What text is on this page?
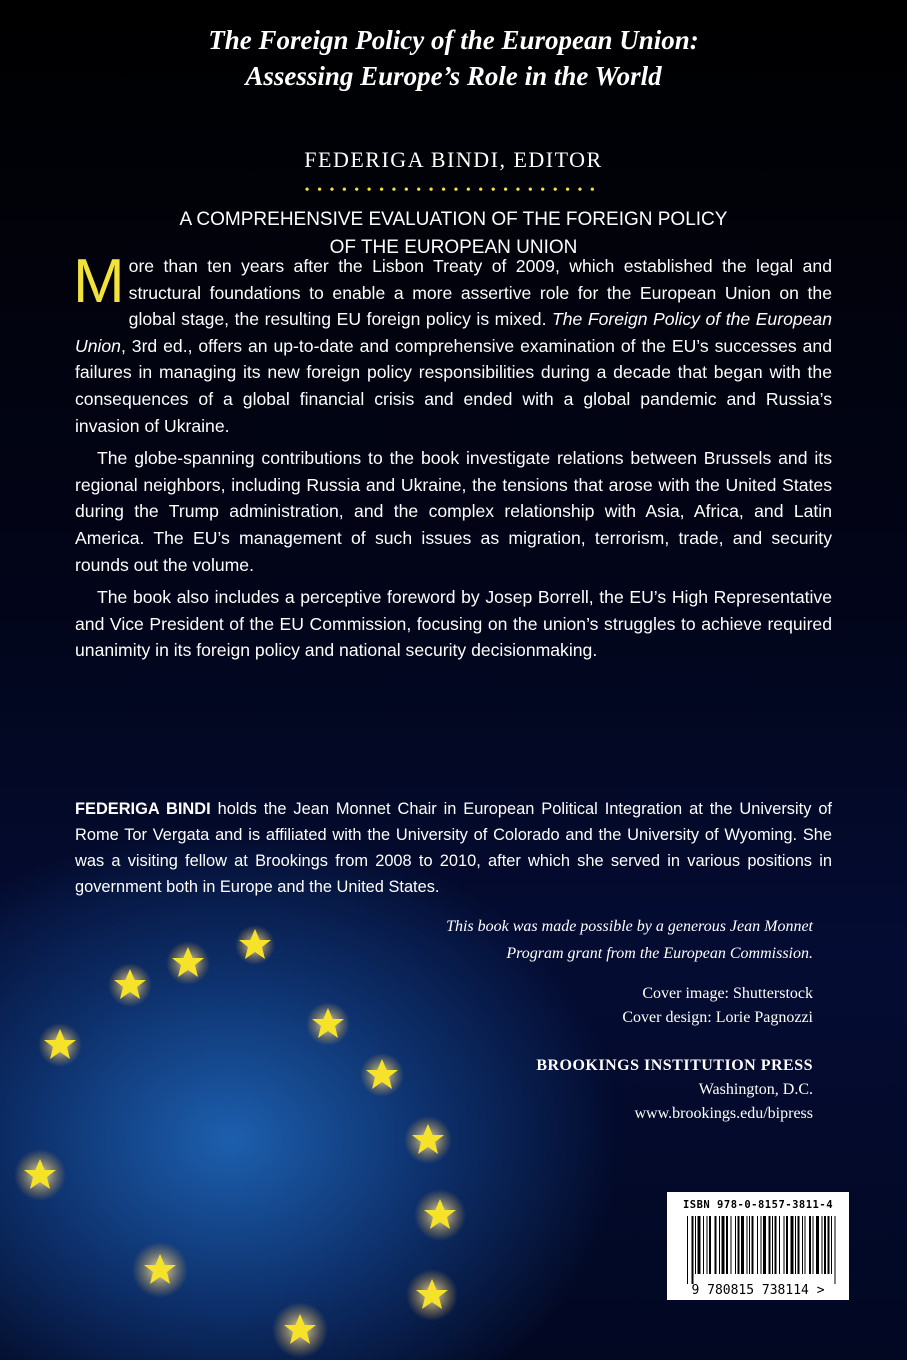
The Foreign Policy of the European Union:
Assessing Europe’s Role in the World
FEDERIGA BINDI, EDITOR
••••••••••••••••••••••••
A COMPREHENSIVE EVALUATION OF THE FOREIGN POLICY
OF THE EUROPEAN UNION

More than ten years after the Lisbon Treaty of 2009, which established the legal and structural foundations to enable a more assertive role for the European Union on the global stage, the resulting EU foreign policy is mixed. The Foreign Policy of the European Union, 3rd ed., offers an up-to-date and comprehensive examination of the EU’s successes and failures in managing its new foreign policy responsibilities during a decade that began with the consequences of a global financial crisis and ended with a global pandemic and Russia’s invasion of Ukraine.

The globe-spanning contributions to the book investigate relations between Brussels and its regional neighbors, including Russia and Ukraine, the tensions that arose with the United States during the Trump administration, and the complex relationship with Asia, Africa, and Latin America. The EU’s management of such issues as migration, terrorism, trade, and security rounds out the volume.

The book also includes a perceptive foreword by Josep Borrell, the EU’s High Representative and Vice President of the EU Commission, focusing on the union’s struggles to achieve required unanimity in its foreign policy and national security decisionmaking.

FEDERIGA BINDI holds the Jean Monnet Chair in European Political Integration at the University of Rome Tor Vergata and is affiliated with the University of Colorado and the University of Wyoming. She was a visiting fellow at Brookings from 2008 to 2010, after which she served in various positions in government both in Europe and the United States.
This book was made possible by a generous Jean Monnet
Program grant from the European Commission.
Cover image: Shutterstock
Cover design: Lorie Pagnozzi
BROOKINGS INSTITUTION PRESS
Washington, D.C.
www.brookings.edu/bipress
ISBN 978-0-8157-3811-4
9 780815 738114 >
